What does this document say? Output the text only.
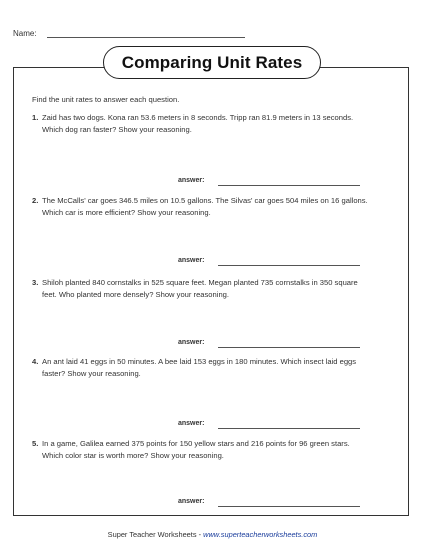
Name:
Comparing Unit Rates
Find the unit rates to answer each question.
1. Zaid has two dogs. Kona ran 53.6 meters in 8 seconds. Tripp ran 81.9 meters in 13 seconds. Which dog ran faster? Show your reasoning.
answer:
2. The McCalls' car goes 346.5 miles on 10.5 gallons. The Silvas' car goes 504 miles on 16 gallons. Which car is more efficient? Show your reasoning.
answer:
3. Shiloh planted 840 cornstalks in 525 square feet. Megan planted 735 cornstalks in 350 square feet. Who planted more densely? Show your reasoning.
answer:
4. An ant laid 41 eggs in 50 minutes. A bee laid 153 eggs in 180 minutes. Which insect laid eggs faster? Show your reasoning.
answer:
5. In a game, Galilea earned 375 points for 150 yellow stars and 216 points for 96 green stars. Which color star is worth more? Show your reasoning.
answer:
Super Teacher Worksheets - www.superteacherworksheets.com
